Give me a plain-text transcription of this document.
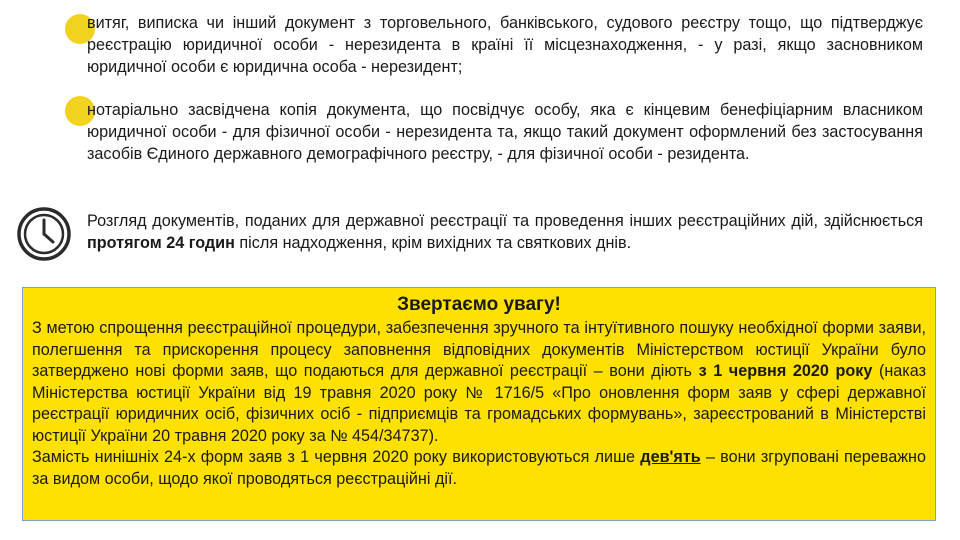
витяг, виписка чи інший документ з торговельного, банківського, судового реєстру тощо, що підтверджує реєстрацію юридичної особи - нерезидента в країні її місцезнаходження, - у разі, якщо засновником юридичної особи є юридична особа - нерезидент;
нотаріально засвідчена копія документа, що посвідчує особу, яка є кінцевим бенефіціарним власником юридичної особи - для фізичної особи - нерезидента та, якщо такий документ оформлений без застосування засобів Єдиного державного демографічного реєстру, - для фізичної особи - резидента.
Розгляд документів, поданих для державної реєстрації та проведення інших реєстраційних дій, здійснюється протягом 24 годин після надходження, крім вихідних та святкових днів.
Звертаємо увагу!
З метою спрощення реєстраційної процедури, забезпечення зручного та інтуїтивного пошуку необхідної форми заяви, полегшення та прискорення процесу заповнення відповідних документів Міністерством юстиції України було затверджено нові форми заяв, що подаються для державної реєстрації – вони діють з 1 червня 2020 року (наказ Міністерства юстиції України від 19 травня 2020 року № 1716/5 «Про оновлення форм заяв у сфері державної реєстрації юридичних осіб, фізичних осіб - підприємців та громадських формувань», зареєстрований в Міністерстві юстиції України 20 травня 2020 року за № 454/34737).
Замість нинішніх 24-х форм заяв з 1 червня 2020 року використовуються лише дев'ять – вони згруповані переважно за видом особи, щодо якої проводяться реєстраційні дії.
